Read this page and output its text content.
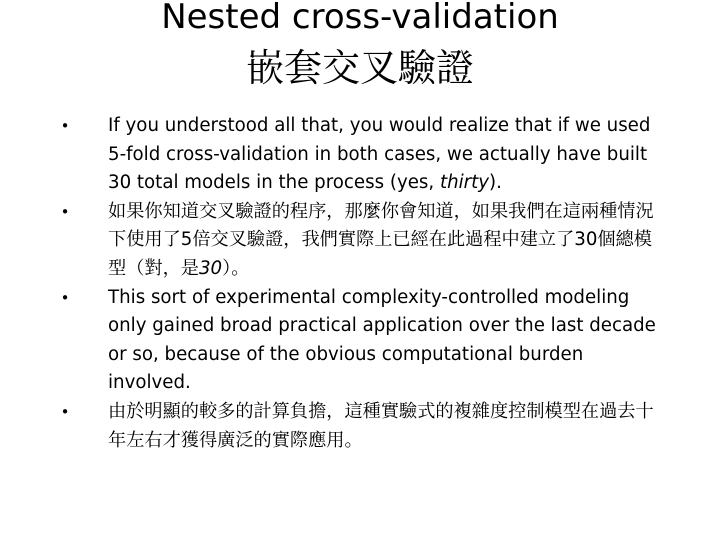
Nested cross-validation
嵌套交叉驗證
• If you understood all that, you would realize that if we used 5-fold cross-validation in both cases, we actually have built 30 total models in the process (yes, thirty).
• 如果你知道交叉驗證的程序，那麼你會知道，如果我們在這兩種情況下使用了5倍交叉驗證，我們實際上已經在此過程中建立了30個總模型（對，是30）。
• This sort of experimental complexity-controlled modeling only gained broad practical application over the last decade or so, because of the obvious computational burden involved.
• 由於明顯的較多的計算負擔，這種實驗式的複雜度控制模型在過去十年左右才獲得廣泛的實際應用。
